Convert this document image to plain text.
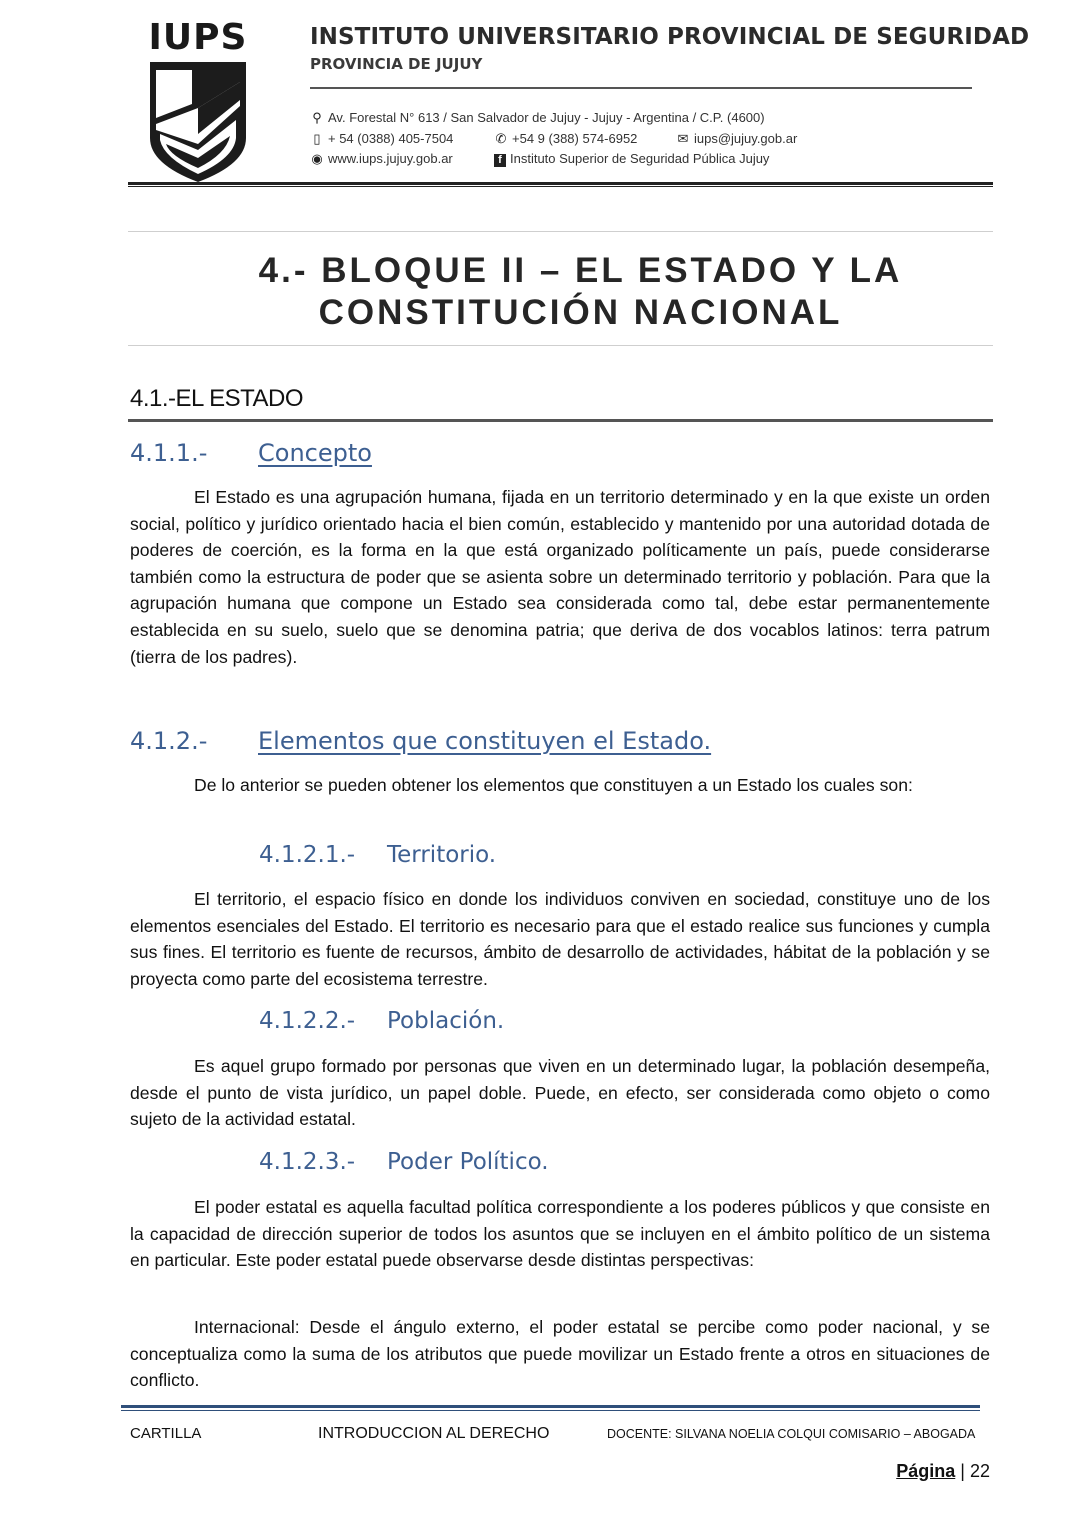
IUPS	INSTITUTO UNIVERSITARIO PROVINCIAL DE SEGURIDAD
PROVINCIA DE JUJUY
⚲ Av. Forestal N° 613 / San Salvador de Jujuy - Jujuy - Argentina / C.P. (4600)
▯ + 54 (0388) 405-7504	✆ +54 9 (388) 574-6952	✉ iups@jujuy.gob.ar
◉ www.iups.jujuy.gob.ar	f Instituto Superior de Seguridad Pública Jujuy
4.- BLOQUE II – EL ESTADO Y LA
CONSTITUCIÓN NACIONAL
4.1.-EL ESTADO
4.1.1.- Concepto
El Estado es una agrupación humana, fijada en un territorio determinado y en la que existe un orden social, político y jurídico orientado hacia el bien común, establecido y mantenido por una autoridad dotada de poderes de coerción, es la forma en la que está organizado políticamente un país, puede considerarse también como la estructura de poder que se asienta sobre un determinado territorio y población. Para que la agrupación humana que compone un Estado sea considerada como tal, debe estar permanentemente establecida en su suelo, suelo que se denomina patria; que deriva de dos vocablos latinos: terra patrum (tierra de los padres).
4.1.2.- Elementos que constituyen el Estado.
De lo anterior se pueden obtener los elementos que constituyen a un Estado los cuales son:
4.1.2.1.- Territorio.
El territorio, el espacio físico en donde los individuos conviven en sociedad, constituye uno de los elementos esenciales del Estado. El territorio es necesario para que el estado realice sus funciones y cumpla sus fines. El territorio es fuente de recursos, ámbito de desarrollo de actividades, hábitat de la población y se proyecta como parte del ecosistema terrestre.
4.1.2.2.- Población.
Es aquel grupo formado por personas que viven en un determinado lugar, la población desempeña, desde el punto de vista jurídico, un papel doble. Puede, en efecto, ser considerada como objeto o como sujeto de la actividad estatal.
4.1.2.3.- Poder Político.
El poder estatal es aquella facultad política correspondiente a los poderes públicos y que consiste en la capacidad de dirección superior de todos los asuntos que se incluyen en el ámbito político de un sistema en particular. Este poder estatal puede observarse desde distintas perspectivas:
Internacional: Desde el ángulo externo, el poder estatal se percibe como poder nacional, y se conceptualiza como la suma de los atributos que puede movilizar un Estado frente a otros en situaciones de conflicto.
CARTILLA	INTRODUCCION AL DERECHO	DOCENTE: SILVANA NOELIA COLQUI COMISARIO – ABOGADA
Página | 22
